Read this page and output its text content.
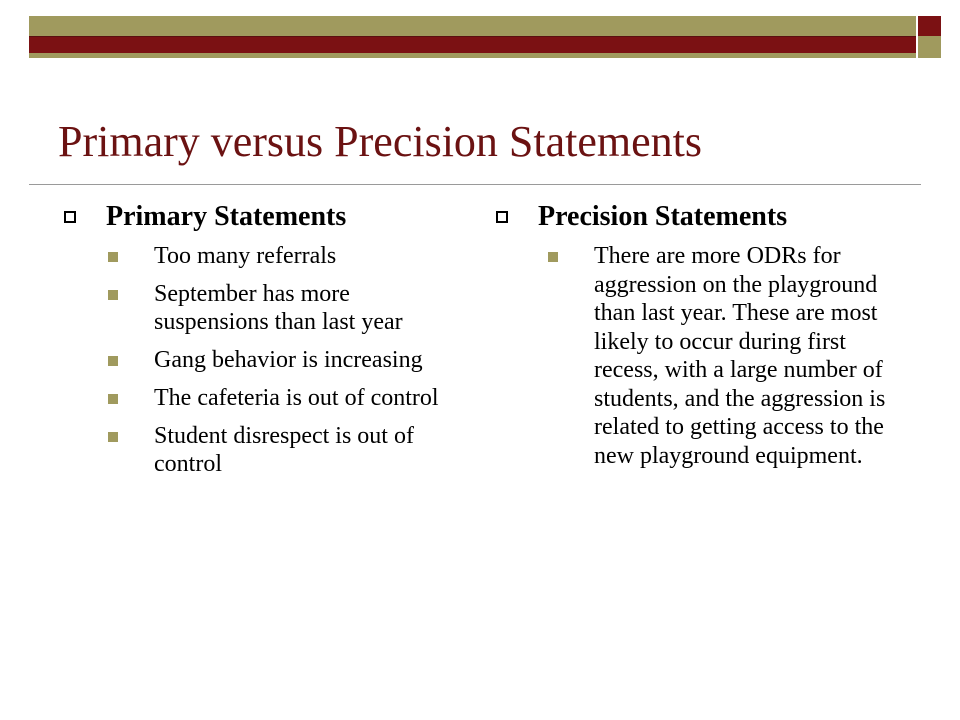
Primary versus Precision Statements
Primary Statements
Too many referrals
September has more suspensions than last year
Gang behavior is increasing
The cafeteria is out of control
Student disrespect is out of control
Precision Statements
There are more ODRs for aggression on the playground than last year. These are most likely to occur during first recess, with a large number of students, and the aggression is related to getting access to the new playground equipment.
